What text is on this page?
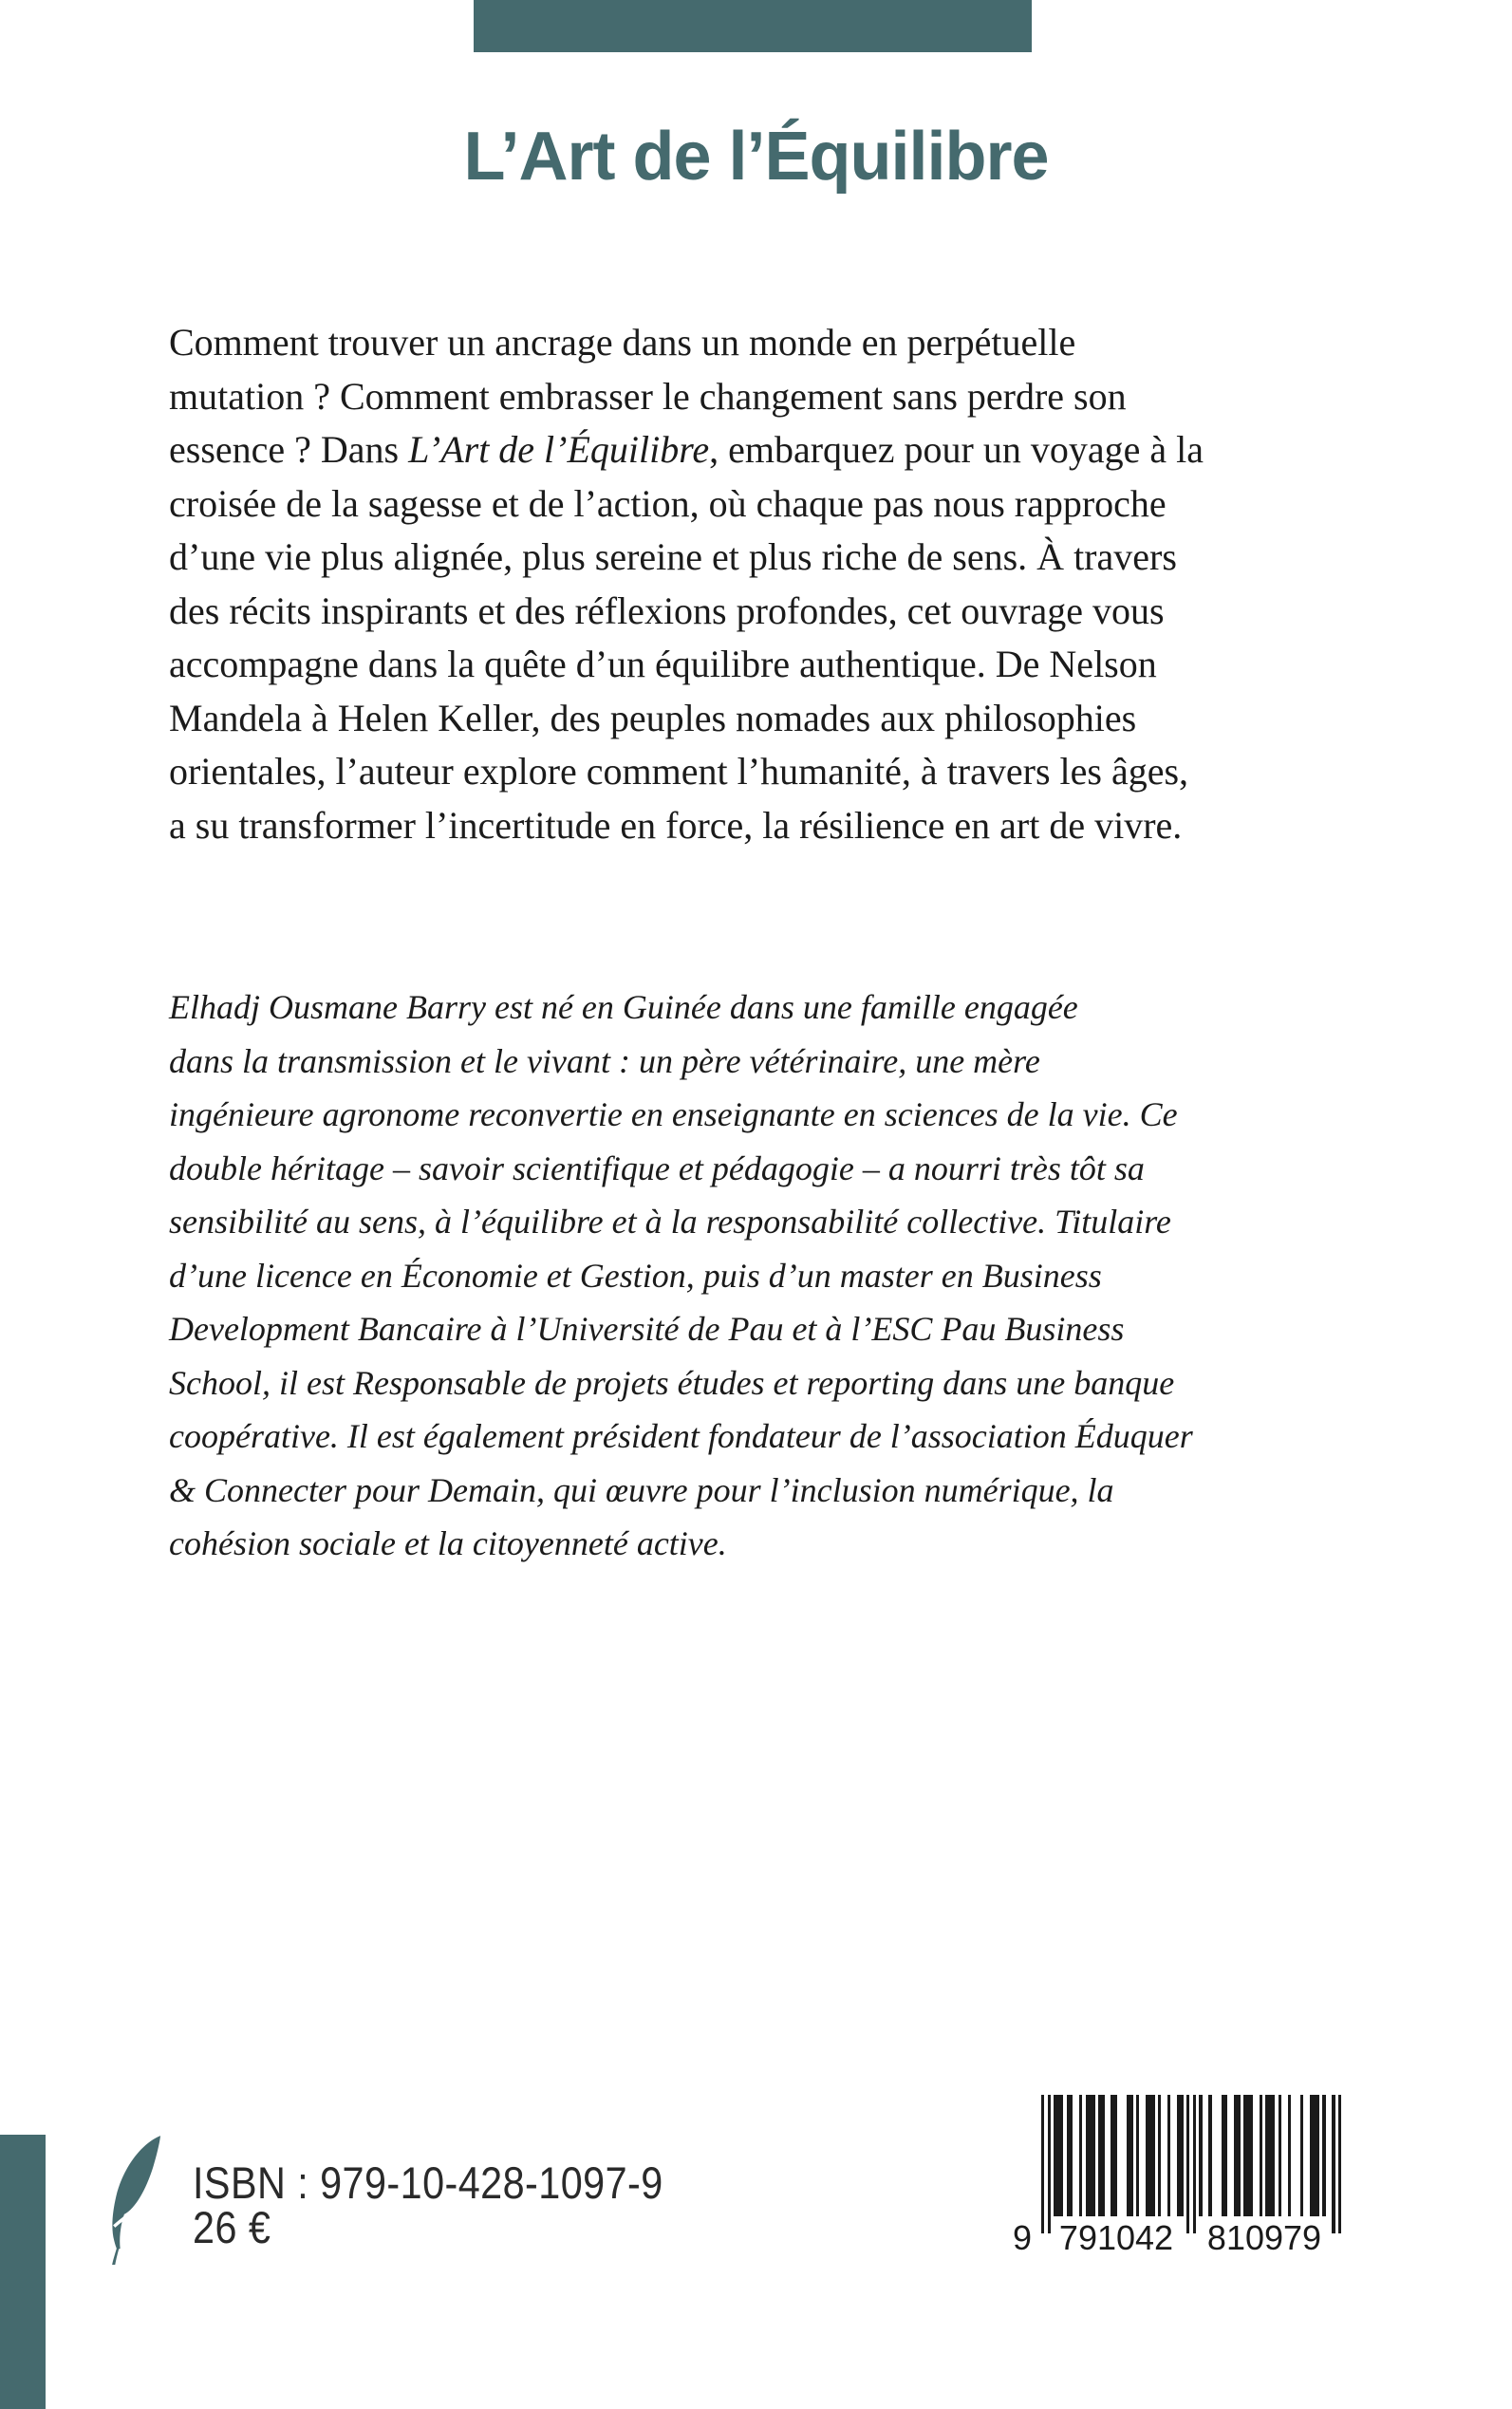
L’Art de l’Équilibre
Comment trouver un ancrage dans un monde en perpétuelle
mutation ? Comment embrasser le changement sans perdre son
essence ? Dans L’Art de l’Équilibre, embarquez pour un voyage à la
croisée de la sagesse et de l’action, où chaque pas nous rapproche
d’une vie plus alignée, plus sereine et plus riche de sens. À travers
des récits inspirants et des réflexions profondes, cet ouvrage vous
accompagne dans la quête d’un équilibre authentique. De Nelson
Mandela à Helen Keller, des peuples nomades aux philosophies
orientales, l’auteur explore comment l’humanité, à travers les âges,
a su transformer l’incertitude en force, la résilience en art de vivre.
Elhadj Ousmane Barry est né en Guinée dans une famille engagée
dans la transmission et le vivant : un père vétérinaire, une mère
ingénieure agronome reconvertie en enseignante en sciences de la vie. Ce
double héritage – savoir scientifique et pédagogie – a nourri très tôt sa
sensibilité au sens, à l’équilibre et à la responsabilité collective. Titulaire
d’une licence en Économie et Gestion, puis d’un master en Business
Development Bancaire à l’Université de Pau et à l’ESC Pau Business
School, il est Responsable de projets études et reporting dans une banque
coopérative. Il est également président fondateur de l’association Éduquer
& Connecter pour Demain, qui œuvre pour l’inclusion numérique, la
cohésion sociale et la citoyenneté active.
ISBN : 979-10-428-1097-9
26 €	9 791042 810979
